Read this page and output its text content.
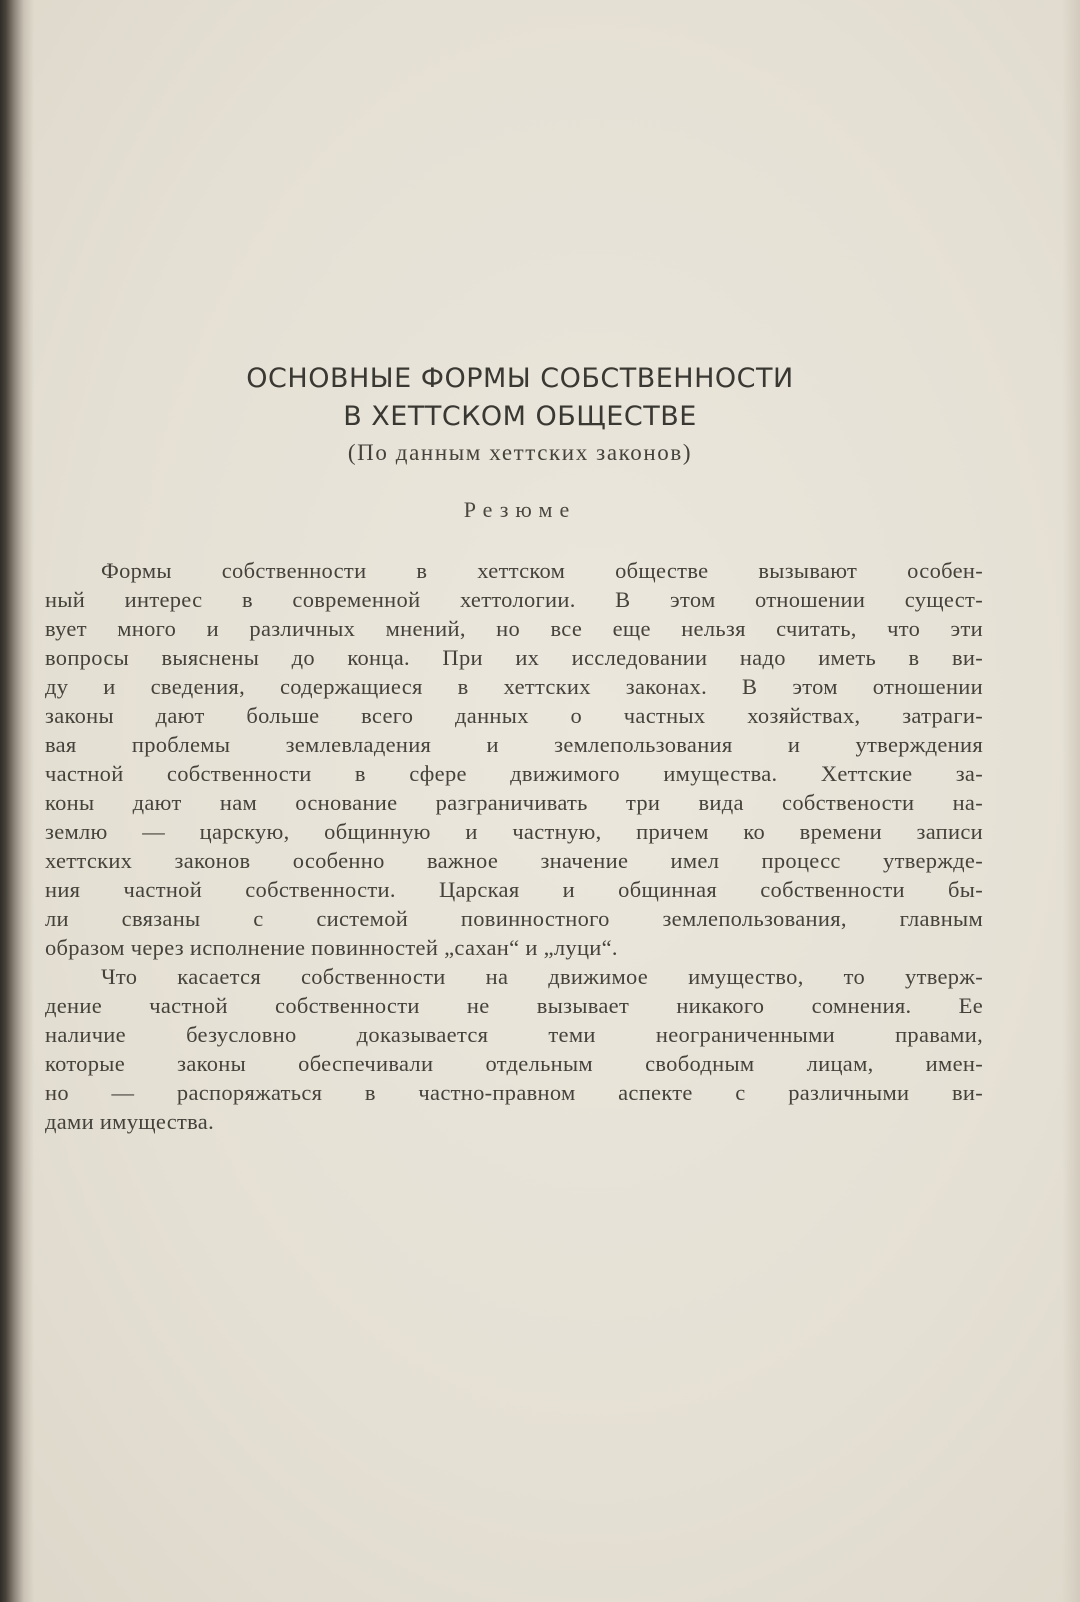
ОСНОВНЫЕ ФОРМЫ СОБСТВЕННОСТИ
В ХЕТТСКОМ ОБЩЕСТВЕ
(По данным хеттских законов)
Резюме
Формы собственности в хеттском обществе вызывают особен-
ный интерес в современной хеттологии. В этом отношении сущест-
вует много и различных мнений, но все еще нельзя считать, что эти
вопросы выяснены до конца. При их исследовании надо иметь в ви-
ду и сведения, содержащиеся в хеттских законах. В этом отношении
законы дают больше всего данных о частных хозяйствах, затраги-
вая проблемы землевладения и землепользования и утверждения
частной собственности в сфере движимого имущества. Хеттские за-
коны дают нам основание разграничивать три вида собствености на-
землю — царскую, общинную и частную, причем ко времени записи
хеттских законов особенно важное значение имел процесс утвержде-
ния частной собственности. Царская и общинная собственности бы-
ли связаны с системой повинностного землепользования, главным
образом через исполнение повинностей „сахан“ и „луци“.
Что касается собственности на движимое имущество, то утверж-
дение частной собственности не вызывает никакого сомнения. Ее
наличие безусловно доказывается теми неограниченными правами,
которые законы обеспечивали отдельным свободным лицам, имен-
но — распоряжаться в частно-правном аспекте с различными ви-
дами имущества.
